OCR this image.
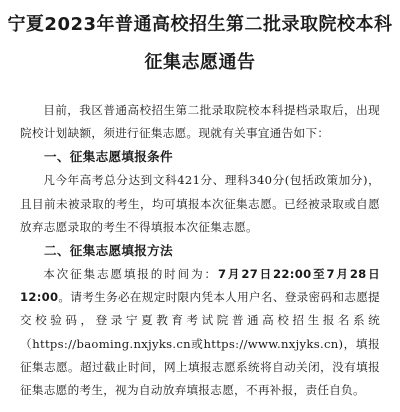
宁夏2023年普通高校招生第二批录取院校本科
征集志愿通告

目前，我区普通高校招生第二批录取院校本科提档录取后，出现院校计划缺额，须进行征集志愿。现就有关事宜通告如下：

一、征集志愿填报条件

凡今年高考总分达到文科421分、理科340分(包括政策加分)，且目前未被录取的考生，均可填报本次征集志愿。已经被录取或自愿放弃志愿录取的考生不得填报本次征集志愿。

二、征集志愿填报方法

本次征集志愿填报的时间为：7月27日22:00至7月28日12:00。请考生务必在规定时限内凭本人用户名、登录密码和志愿提交校验码，登录宁夏教育考试院普通高校招生报名系统（https://baoming.nxjyks.cn或https://www.nxjyks.cn)，填报征集志愿。超过截止时间，网上填报志愿系统将自动关闭，没有填报征集志愿的考生，视为自动放弃填报志愿，不再补报，责任自负。
